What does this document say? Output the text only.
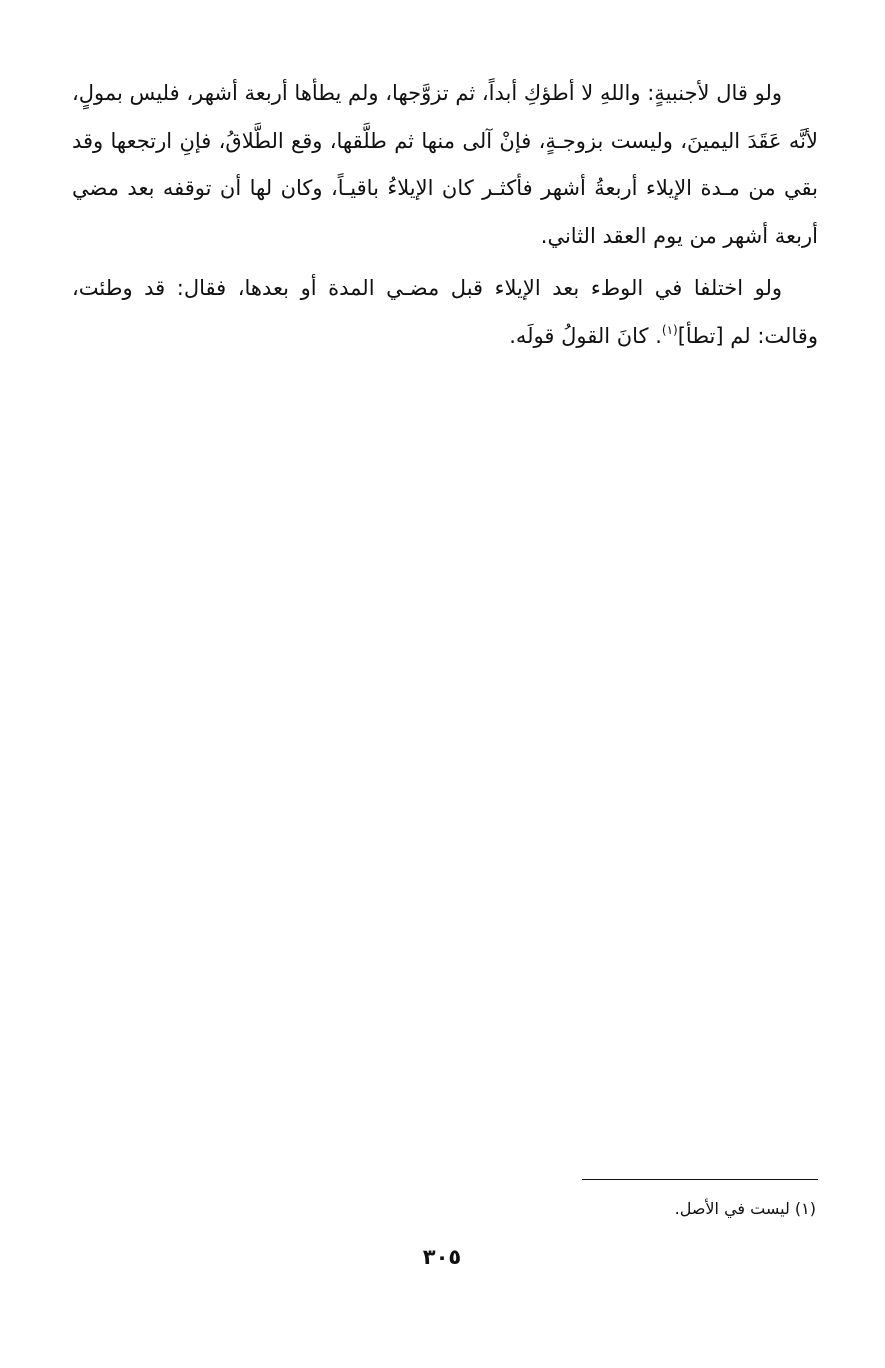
ولو قال لأجنبيةٍ: واللهِ لا أطؤكِ أبداً، ثم تزوَّجها، ولم يطأها أربعة أشهر، فليس بمولٍ، لأنَّه عَقَدَ اليمينَ، وليست بزوجـةٍ، فإنْ آلى منها ثم طلَّقها، وقع الطَّلاقُ، فإنِ ارتجعها وقد بقي من مـدة الإيلاء أربعةُ أشهر فأكثـر كان الإيلاءُ باقيـاً، وكان لها أن توقفه بعد مضي أربعة أشهر من يوم العقد الثاني.

ولو اختلفا في الوطء بعد الإيلاء قبل مضـي المدة أو بعدها، فقال: قد وطئت، وقالت: لم [تطأ]$^{(١)}$. كانَ القولُ قولَه.

(١) ليست في الأصل.

٣٠٥
